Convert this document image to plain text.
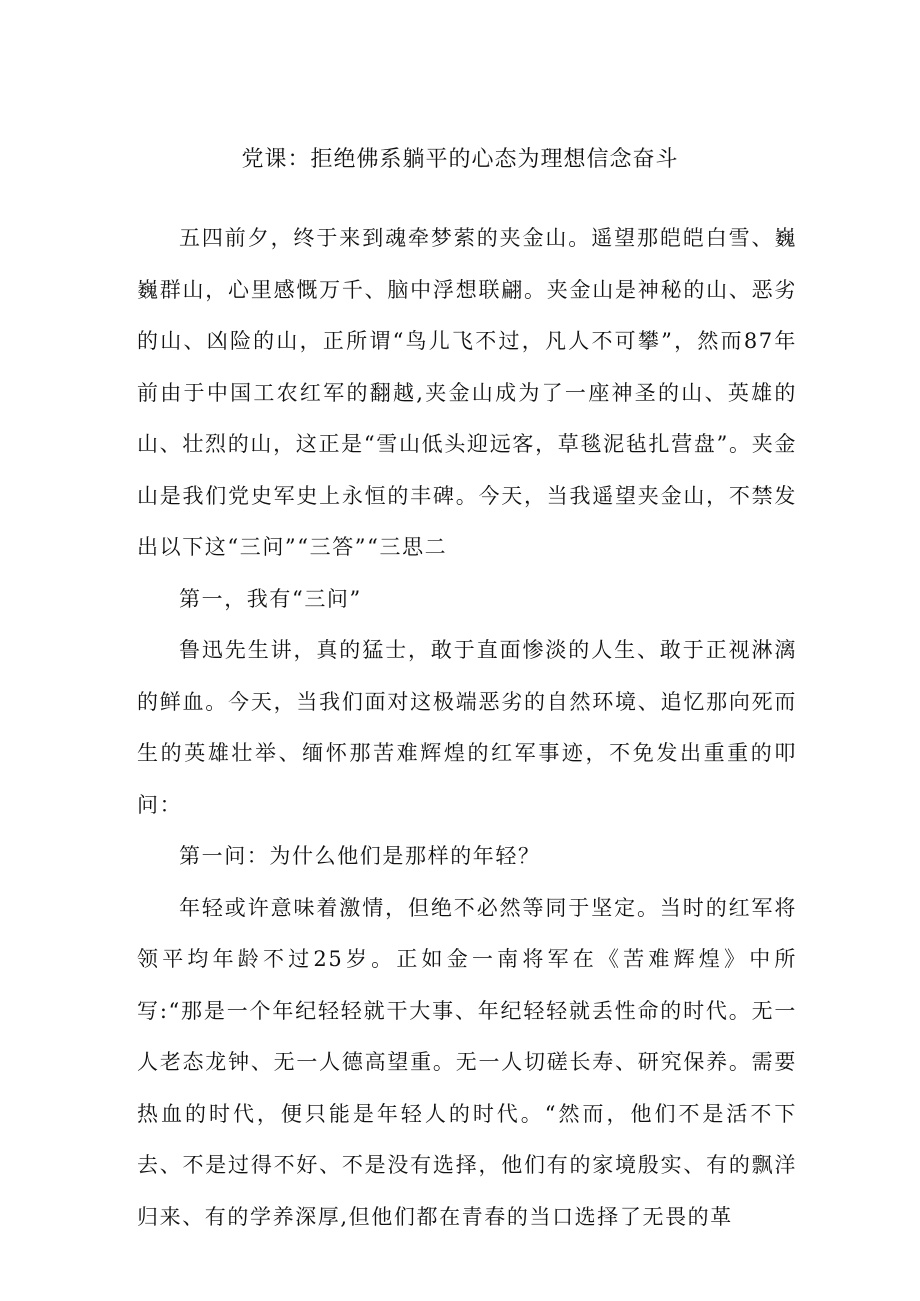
党课：拒绝佛系躺平的心态为理想信念奋斗

五四前夕，终于来到魂牵梦萦的夹金山。遥望那皑皑白雪、巍巍群山，心里感慨万千、脑中浮想联翩。夹金山是神秘的山、恶劣的山、凶险的山，正所谓“鸟儿飞不过，凡人不可攀”，然而87年前由于中国工农红军的翻越,夹金山成为了一座神圣的山、英雄的山、壮烈的山，这正是“雪山低头迎远客，草毯泥毡扎营盘”。夹金山是我们党史军史上永恒的丰碑。今天，当我遥望夹金山，不禁发出以下这“三问”“三答”“三思二

第一，我有“三问”

鲁迅先生讲，真的猛士，敢于直面惨淡的人生、敢于正视淋漓的鲜血。今天，当我们面对这极端恶劣的自然环境、追忆那向死而生的英雄壮举、缅怀那苦难辉煌的红军事迹，不免发出重重的叩问：

第一问：为什么他们是那样的年轻？

年轻或许意味着激情，但绝不必然等同于坚定。当时的红军将领平均年龄不过25岁。正如金一南将军在《苦难辉煌》中所写:“那是一个年纪轻轻就干大事、年纪轻轻就丢性命的时代。无一人老态龙钟、无一人德高望重。无一人切磋长寿、研究保养。需要热血的时代，便只能是年轻人的时代。“然而，他们不是活不下去、不是过得不好、不是没有选择，他们有的家境殷实、有的飘洋归来、有的学养深厚,但他们都在青春的当口选择了无畏的革
